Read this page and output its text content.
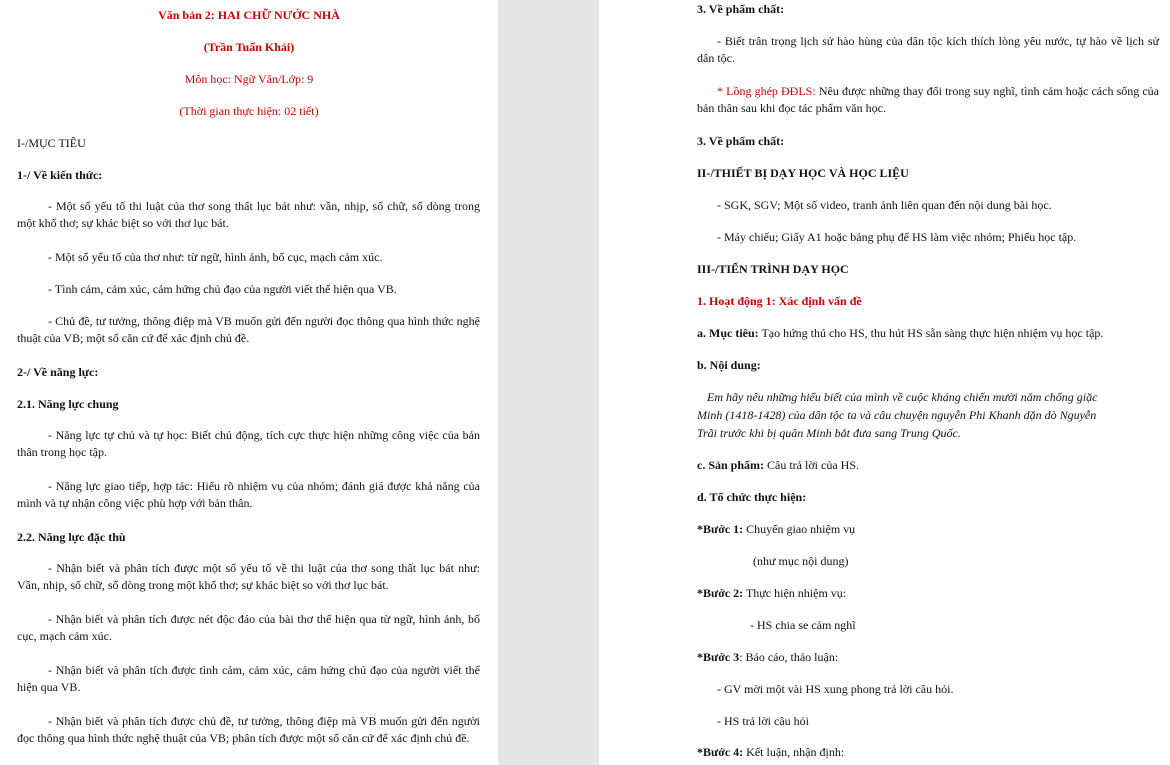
Văn bản 2: HAI CHỮ NƯỚC NHÀ
(Trần Tuấn Khải)
Môn học: Ngữ Văn/Lớp: 9
(Thời gian thực hiện: 02 tiết)
I-/MỤC TIÊU
1-/ Về kiến thức:
- Một số yếu tố thi luật của thơ song thất lục bát như: vần, nhịp, số chữ, số dòng trong một khổ thơ; sự khác biệt so với thơ lục bát.
- Một số yếu tố của thơ như: từ ngữ, hình ảnh, bố cục, mạch cảm xúc.
- Tình cảm, cảm xúc, cảm hứng chủ đạo của người viết thể hiện qua VB.
- Chủ đề, tư tưởng, thông điệp mà VB muốn gửi đến người đọc thông qua hình thức nghệ thuật của VB; một số căn cứ để xác định chủ đề.
2-/ Về năng lực:
2.1. Năng lực chung
- Năng lực tự chủ và tự học: Biết chủ động, tích cực thực hiện những công việc của bản thân trong học tập.
- Năng lực giao tiếp, hợp tác: Hiểu rõ nhiệm vụ của nhóm; đánh giá được khả năng của mình và tự nhận công việc phù hợp với bản thân.
2.2. Năng lực đặc thù
- Nhận biết và phân tích được một số yếu tố về thi luật của thơ song thất lục bát như: Vần, nhịp, số chữ, số dòng trong một khổ thơ; sự khác biệt so với thơ lục bát.
- Nhận biết và phân tích được nét độc đáo của bài thơ thể hiện qua từ ngữ, hình ảnh, bố cục, mạch cảm xúc.
- Nhận biết và phân tích được tình cảm, cảm xúc, cảm hứng chủ đạo của người viết thể hiện qua VB.
- Nhận biết và phân tích được chủ đề, tư tưởng, thông điệp mà VB muốn gửi đến người đọc thông qua hình thức nghệ thuật của VB; phân tích được một số căn cứ để xác định chủ đề.
3. Về phẩm chất:
- Biết trân trọng lịch sử hào hùng của dân tộc kích thích lòng yêu nước, tự hào về lịch sử dân tộc.
* Lồng ghép ĐĐLS: Nêu được những thay đổi trong suy nghĩ, tình cảm hoặc cách sống của bản thân sau khi đọc tác phẩm văn học.
3. Về phẩm chất:
II-/THIẾT BỊ DẠY HỌC VÀ HỌC LIỆU
- SGK, SGV; Một số video, tranh ảnh liên quan đến nội dung bài học.
- Máy chiếu; Giấy A1 hoặc bảng phụ để HS làm việc nhóm; Phiếu học tập.
III-/TIẾN TRÌNH DẠY HỌC
1. Hoạt động 1: Xác định vấn đề
a. Mục tiêu: Tạo hứng thú cho HS, thu hút HS sẵn sàng thực hiện nhiệm vụ học tập.
b. Nội dung:
Em hãy nêu những hiểu biết của mình về cuộc kháng chiến mười năm chống giặc
Minh (1418-1428) của dân tộc ta và câu chuyện nguyễn Phi Khanh dặn dò Nguyễn
Trãi trước khi bị quân Minh bắt đưa sang Trung Quốc.
c. Sản phẩm: Câu trả lời của HS.
d. Tổ chức thực hiện:
*Bước 1: Chuyển giao nhiệm vụ
(như mục nội dung)
*Bước 2: Thực hiện nhiệm vụ:
- HS chia se cảm nghĩ
*Bước 3: Báo cáo, thảo luận:
- GV mời một vài HS xung phong trả lời câu hỏi.
- HS trả lời câu hỏi
*Bước 4: Kết luận, nhận định:
